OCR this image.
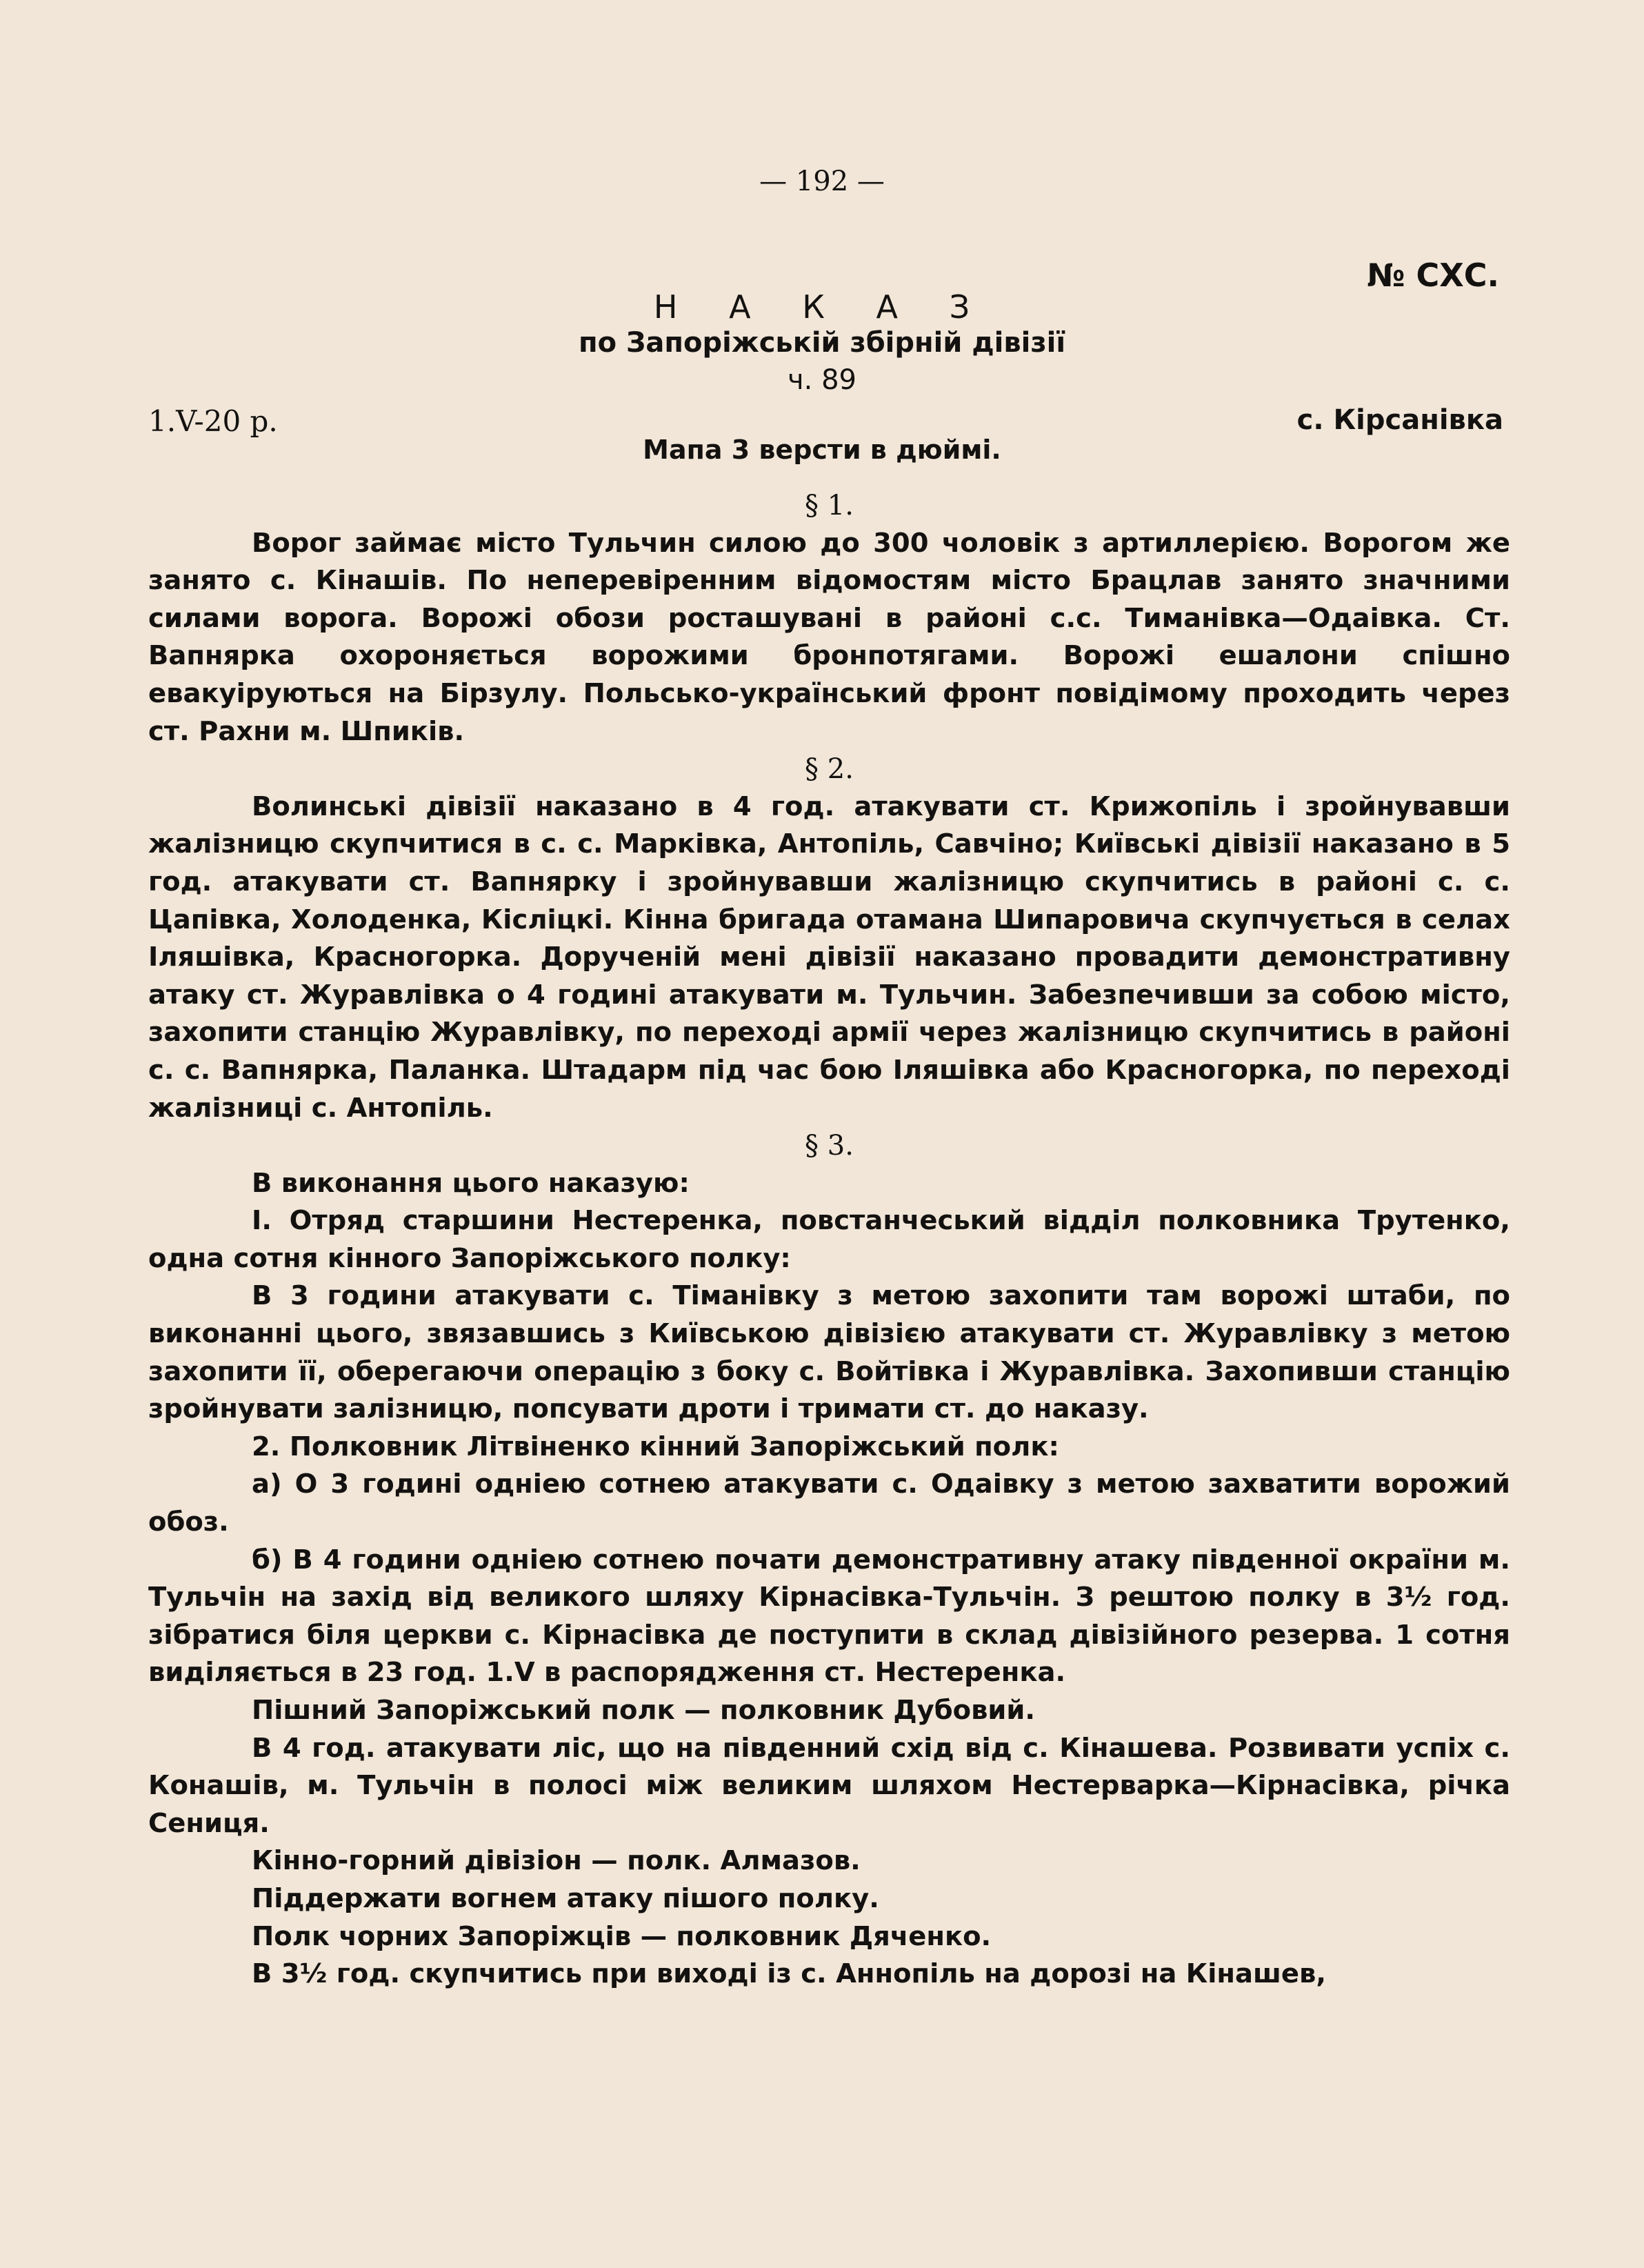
— 192 —
№ СХС.
Н А К А З
по Запоріжській збірній дівізії
ч. 89
1.V-20 р.	с. Кірсанівка
Мапа 3 версти в дюймі.

§ 1.

Ворог займає місто Тульчин силою до 300 чоловік з артиллерією. Ворогом же занято с. Кінашів. По неперевіренним відомостям місто Брацлав занято значними силами ворога. Ворожі обози росташувані в районі с.с. Тиманівка—Одаівка. Ст. Вапнярка охороняється ворожими бронпотягами. Ворожі ешалони спішно евакуіруються на Бірзулу. Польсько-український фронт повідімому проходить через ст. Рахни м. Шпиків.

§ 2.

Волинські дівізії наказано в 4 год. атакувати ст. Крижопіль і зройнувавши жалізницю скупчитися в с. с. Марківка, Антопіль, Савчіно; Київські дівізії наказано в 5 год. атакувати ст. Вапнярку і зройнувавши жалізницю скупчитись в районі с. с. Цапівка, Холоденка, Кісліцкі. Кінна бригада отамана Шипаровича скупчується в селах Іляшівка, Красногорка. Дорученій мені дівізії наказано провадити демонстративну атаку ст. Журавлівка о 4 годині атакувати м. Тульчин. Забезпечивши за собою місто, захопити станцію Журавлівку, по переході армії через жалізницю скупчитись в районі с. с. Вапнярка, Паланка. Штадарм під час бою Іляшівка або Красногорка, по переході жалізниці с. Антопіль.

§ 3.

В виконання цього наказую:

І. Отряд старшини Нестеренка, повстанчеський відділ полковника Трутенко, одна сотня кінного Запоріжського полку:

В 3 години атакувати с. Тіманівку з метою захопити там ворожі штаби, по виконанні цього, звязавшись з Київською дівізією атакувати ст. Журавлівку з метою захопити її, оберегаючи операцію з боку с. Войтівка і Журавлівка. Захопивши станцію зройнувати залізницю, попсувати дроти і тримати ст. до наказу.

2. Полковник Літвіненко кінний Запоріжський полк:

а) О 3 годині одніею сотнею атакувати с. Одаівку з метою захватити ворожий обоз.

б) В 4 години одніею сотнею почати демонстративну атаку південної окраїни м. Тульчін на захід від великого шляху Кірнасівка-Тульчін. З рештою полку в 3½ год. зібратися біля церкви с. Кірнасівка де поступити в склад дівізійного резерва. 1 сотня виділяється в 23 год. 1.V в распорядження ст. Нестеренка.

Пішний Запоріжський полк — полковник Дубовий.

В 4 год. атакувати ліс, що на південний схід від с. Кінашева. Розвивати успіх с. Конашів, м. Тульчін в полосі між великим шляхом Нестерварка—Кірнасівка, річка Сениця.

Кінно-горний дівізіон — полк. Алмазов.

Піддержати вогнем атаку пішого полку.

Полк чорних Запоріжців — полковник Дяченко.

В 3½ год. скупчитись при виході із с. Аннопіль на дорозі на Кінашев,
